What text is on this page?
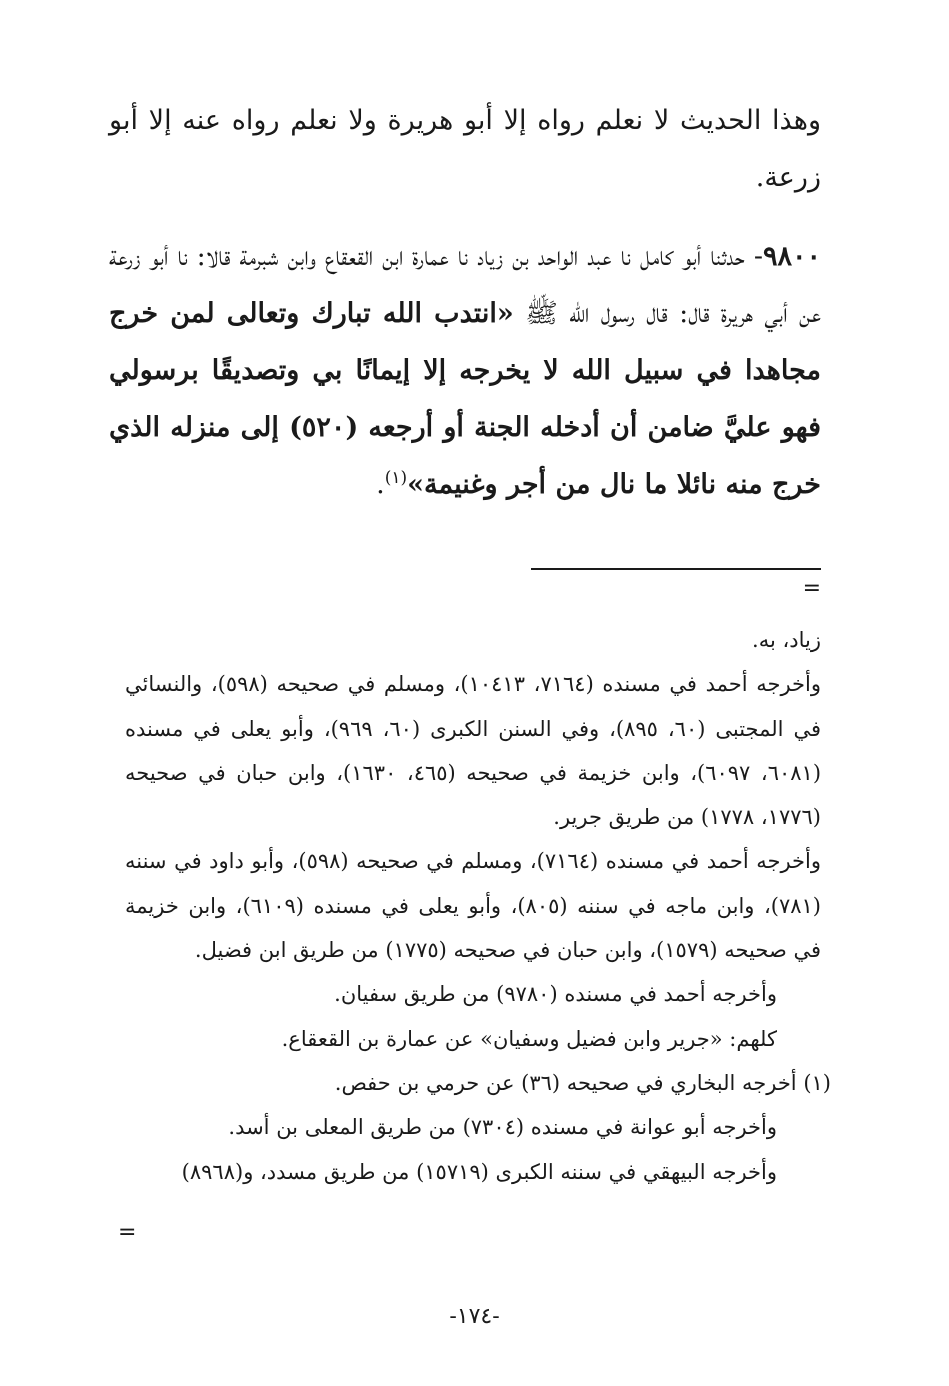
وهذا الحديث لا نعلم رواه إلا أبو هريرة ولا نعلم رواه عنه إلا أبو زرعة.

٩٨٠٠- حدثنا أبو كامل نا عبد الواحد بن زياد نا عمارة ابن القعقاع وابن شبرمة قالا: نا أبو زرعة عن أبي هريرة قال: قال رسول الله ﷺ «انتدب الله تبارك وتعالى لمن خرج مجاهدا في سبيل الله لا يخرجه إلا إيمانًا بي وتصديقًا برسولي فهو عليَّ ضامن أن أدخله الجنة أو أرجعه (٥٢٠) إلى منزله الذي خرج منه نائلا ما نال من أجر وغنيمة»$^{(١)}$.

=

زياد، به.

وأخرجه أحمد في مسنده (٧١٦٤، ١٠٤١٣)، ومسلم في صحيحه (٥٩٨)، والنسائي في المجتبى (٦٠، ٨٩٥)، وفي السنن الكبرى (٦٠، ٩٦٩)، وأبو يعلى في مسنده (٦٠٨١، ٦٠٩٧)، وابن خزيمة في صحيحه (٤٦٥، ١٦٣٠)، وابن حبان في صحيحه (١٧٧٦، ١٧٧٨) من طريق جرير.

وأخرجه أحمد في مسنده (٧١٦٤)، ومسلم في صحيحه (٥٩٨)، وأبو داود في سننه (٧٨١)، وابن ماجه في سننه (٨٠٥)، وأبو يعلى في مسنده (٦١٠٩)، وابن خزيمة في صحيحه (١٥٧٩)، وابن حبان في صحيحه (١٧٧٥) من طريق ابن فضيل.

وأخرجه أحمد في مسنده (٩٧٨٠) من طريق سفيان.

كلهم: «جرير وابن فضيل وسفيان» عن عمارة بن القعقاع.

(١) أخرجه البخاري في صحيحه (٣٦) عن حرمي بن حفص.

وأخرجه أبو عوانة في مسنده (٧٣٠٤) من طريق المعلى بن أسد.

وأخرجه البيهقي في سننه الكبرى (١٥٧١٩) من طريق مسدد، و(٨٩٦٨)

=
-١٧٤-
